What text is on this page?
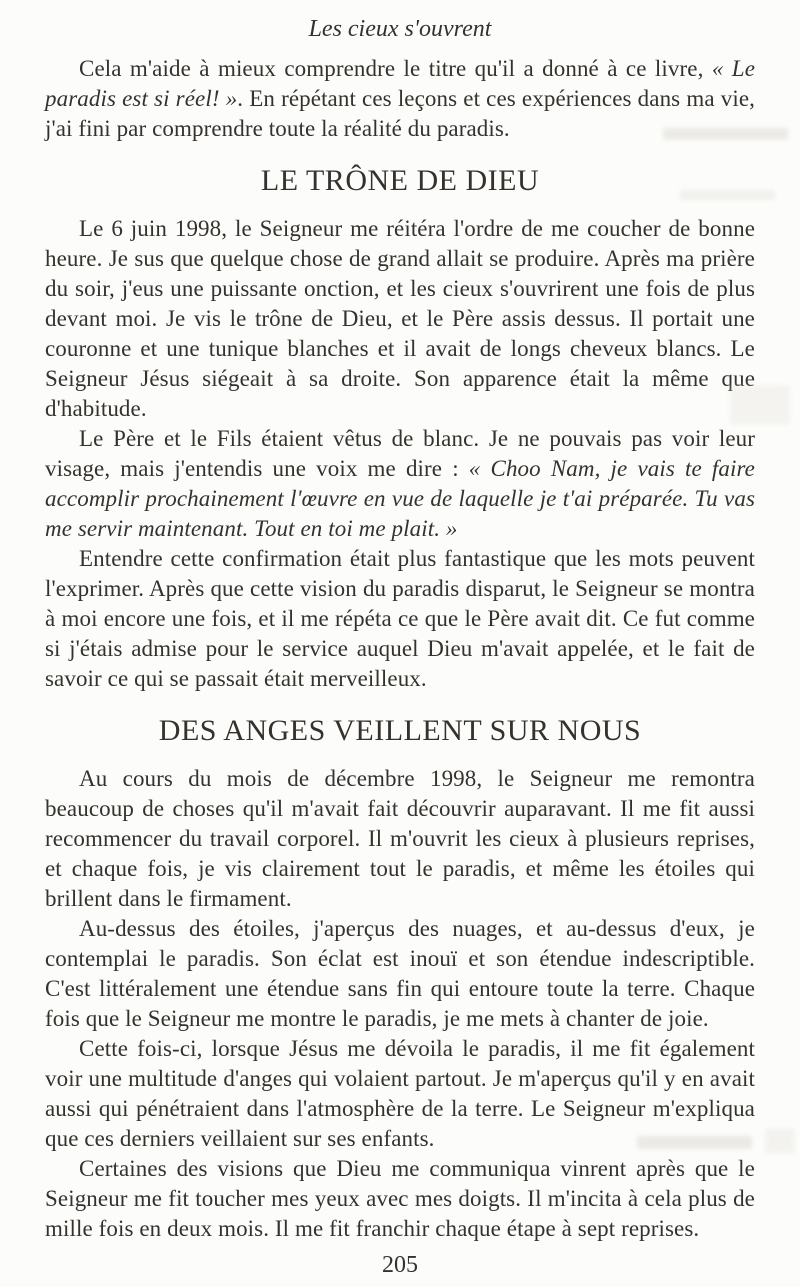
Les cieux s'ouvrent

Cela m'aide à mieux comprendre le titre qu'il a donné à ce livre, « Le paradis est si réel! ». En répétant ces leçons et ces expériences dans ma vie, j'ai fini par comprendre toute la réalité du paradis.

LE TRÔNE DE DIEU

Le 6 juin 1998, le Seigneur me réitéra l'ordre de me coucher de bonne heure. Je sus que quelque chose de grand allait se produire. Après ma prière du soir, j'eus une puissante onction, et les cieux s'ouvrirent une fois de plus devant moi. Je vis le trône de Dieu, et le Père assis dessus. Il portait une couronne et une tunique blanches et il avait de longs cheveux blancs. Le Seigneur Jésus siégeait à sa droite. Son apparence était la même que d'habitude.

Le Père et le Fils étaient vêtus de blanc. Je ne pouvais pas voir leur visage, mais j'entendis une voix me dire : « Choo Nam, je vais te faire accomplir prochainement l'œuvre en vue de laquelle je t'ai préparée. Tu vas me servir maintenant. Tout en toi me plait. »

Entendre cette confirmation était plus fantastique que les mots peuvent l'exprimer. Après que cette vision du paradis disparut, le Seigneur se montra à moi encore une fois, et il me répéta ce que le Père avait dit. Ce fut comme si j'étais admise pour le service auquel Dieu m'avait appelée, et le fait de savoir ce qui se passait était merveilleux.

DES ANGES VEILLENT SUR NOUS

Au cours du mois de décembre 1998, le Seigneur me remontra beaucoup de choses qu'il m'avait fait découvrir auparavant. Il me fit aussi recommencer du travail corporel. Il m'ouvrit les cieux à plusieurs reprises, et chaque fois, je vis clairement tout le paradis, et même les étoiles qui brillent dans le firmament.

Au-dessus des étoiles, j'aperçus des nuages, et au-dessus d'eux, je contemplai le paradis. Son éclat est inouï et son étendue indescriptible. C'est littéralement une étendue sans fin qui entoure toute la terre. Chaque fois que le Seigneur me montre le paradis, je me mets à chanter de joie.

Cette fois-ci, lorsque Jésus me dévoila le paradis, il me fit également voir une multitude d'anges qui volaient partout. Je m'aperçus qu'il y en avait aussi qui pénétraient dans l'atmosphère de la terre. Le Seigneur m'expliqua que ces derniers veillaient sur ses enfants.

Certaines des visions que Dieu me communiqua vinrent après que le Seigneur me fit toucher mes yeux avec mes doigts. Il m'incita à cela plus de mille fois en deux mois. Il me fit franchir chaque étape à sept reprises.

205
